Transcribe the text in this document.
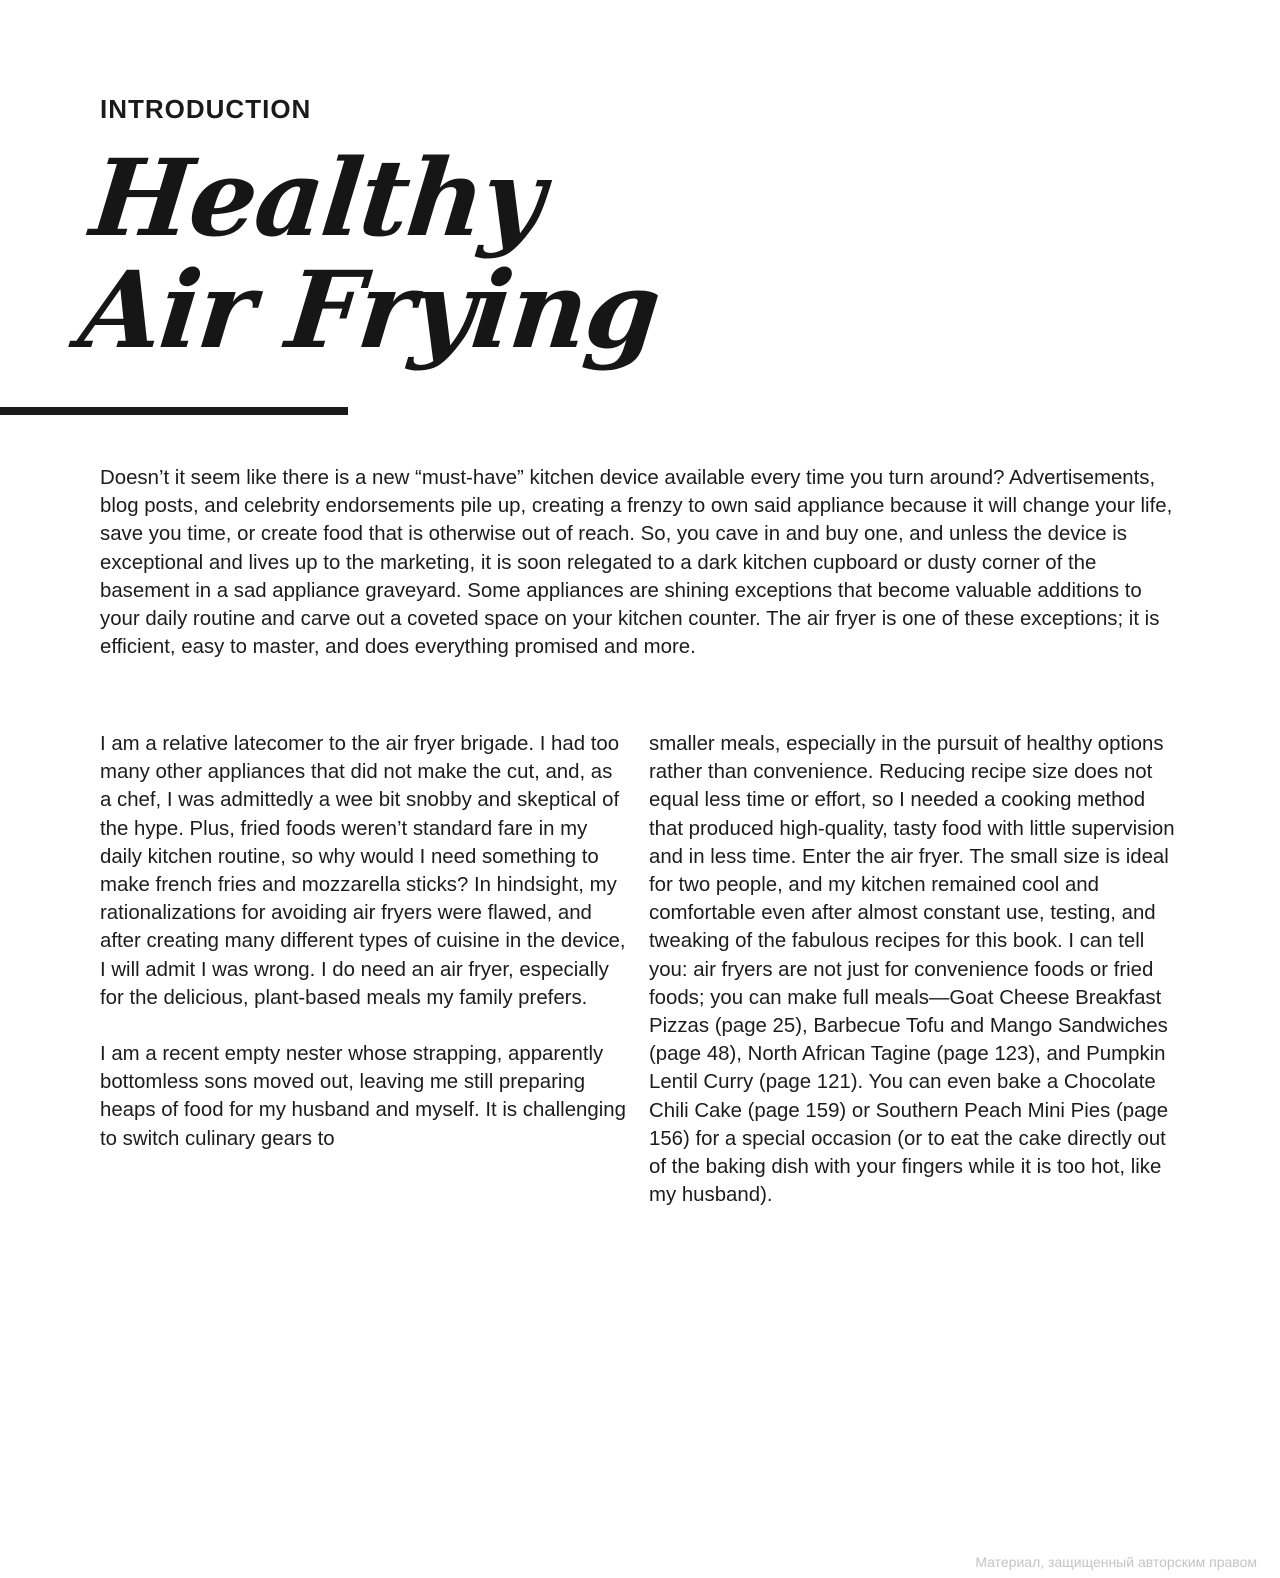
INTRODUCTION

Healthy
Air Frying

Doesn’t it seem like there is a new “must-have” kitchen device available every time you turn around? Advertisements, blog posts, and celebrity endorsements pile up, creating a frenzy to own said appliance because it will change your life, save you time, or create food that is otherwise out of reach. So, you cave in and buy one, and unless the device is exceptional and lives up to the marketing, it is soon relegated to a dark kitchen cupboard or dusty corner of the basement in a sad appliance graveyard. Some appliances are shining exceptions that become valuable additions to your daily routine and carve out a coveted space on your kitchen counter. The air fryer is one of these exceptions; it is efficient, easy to master, and does everything promised and more.

I am a relative latecomer to the air fryer brigade. I had too many other appliances that did not make the cut, and, as a chef, I was admittedly a wee bit snobby and skeptical of the hype. Plus, fried foods weren’t standard fare in my daily kitchen routine, so why would I need something to make french fries and mozzarella sticks? In hindsight, my rationalizations for avoiding air fryers were flawed, and after creating many different types of cuisine in the device, I will admit I was wrong. I do need an air fryer, especially for the delicious, plant-based meals my family prefers.

I am a recent empty nester whose strapping, apparently bottomless sons moved out, leaving me still preparing heaps of food for my husband and myself. It is challenging to switch culinary gears to

smaller meals, especially in the pursuit of healthy options rather than convenience. Reducing recipe size does not equal less time or effort, so I needed a cooking method that produced high-quality, tasty food with little supervision and in less time. Enter the air fryer. The small size is ideal for two people, and my kitchen remained cool and comfortable even after almost constant use, testing, and tweaking of the fabulous recipes for this book. I can tell you: air fryers are not just for convenience foods or fried foods; you can make full meals—Goat Cheese Breakfast Pizzas (page 25), Barbecue Tofu and Mango Sandwiches (page 48), North African Tagine (page 123), and Pumpkin Lentil Curry (page 121). You can even bake a Chocolate Chili Cake (page 159) or Southern Peach Mini Pies (page 156) for a special occasion (or to eat the cake directly out of the baking dish with your fingers while it is too hot, like my husband).

Материал, защищенный авторским правом
